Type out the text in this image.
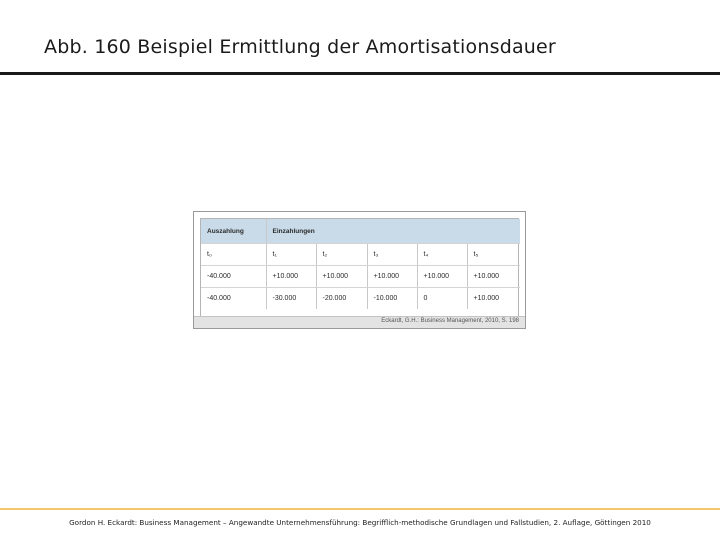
Abb. 160 Beispiel Ermittlung der Amortisationsdauer
Auszahlung	Einzahlungen				
t₀	t₁	t₂	t₃	t₄	t₅
-40.000	+10.000	+10.000	+10.000	+10.000	+10.000
-40.000	-30.000	-20.000	-10.000	0	+10.000
Eckardt, G.H.: Business Management, 2010, S. 198
Gordon H. Eckardt: Business Management – Angewandte Unternehmensführung: Begrifflich-methodische Grundlagen und Fallstudien, 2. Auflage, Göttingen 2010
